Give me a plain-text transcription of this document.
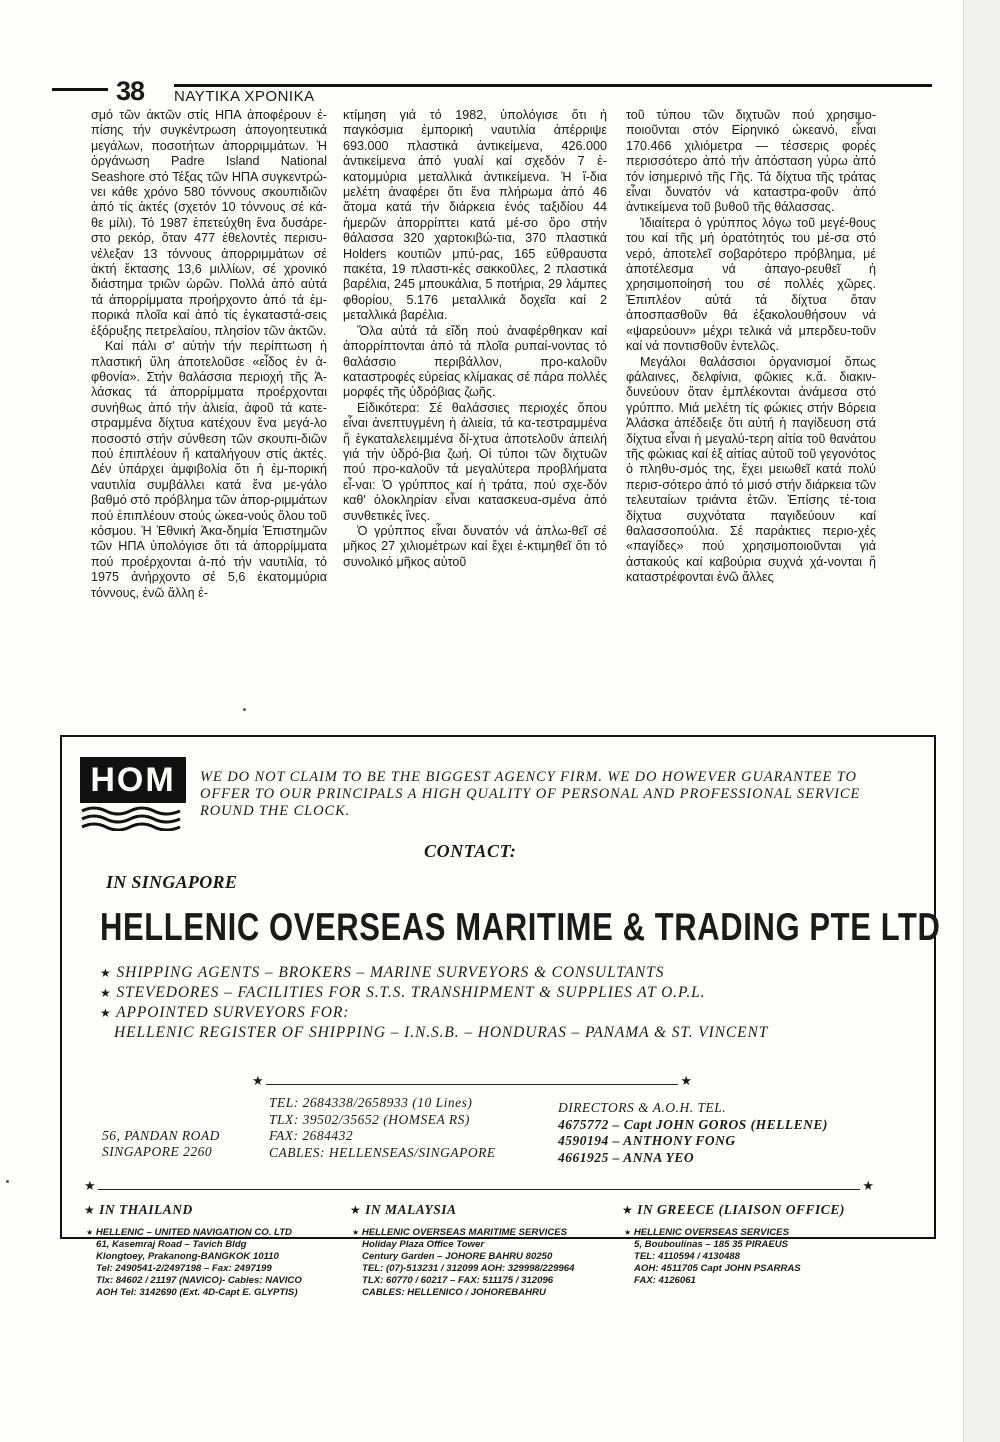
38 ΝΑΥΤΙΚΑ ΧΡΟΝΙΚΑ

σμό τῶν ἀκτῶν στίς ΗΠΑ ἀποφέρουν ἐ-πίσης τήν συγκέντρωση ἀπογοητευτικά μεγάλων, ποσοτήτων ἀπορριμμάτων. Ἡ ὀργάνωση Padre Island National Seashore στό Τέξας τῶν ΗΠΑ συγκεντρώ-νει κάθε χρόνο 580 τόννους σκουπιδιῶν ἀπό τίς ἀκτές (σχετόν 10 τόννους σέ κά-θε μίλι). Τό 1987 ἐπετεύχθη ἕνα δυσάρε-στο ρεκόρ, ὅταν 477 ἐθελοντές περισυ-νέλεξαν 13 τόννους ἀπορριμμάτων σέ ἀκτή ἔκτασης 13,6 μιλλίων, σέ χρονικό διάστημα τριῶν ὡρῶν. Πολλά ἀπό αὐτά τά ἀπορρίμματα προήρχοντο ἀπό τά ἐμ-πορικά πλοῖα καί ἀπό τίς ἐγκαταστά-σεις ἐξόρυξης πετρελαίου, πλησίον τῶν ἀκτῶν.

Καί πάλι σ' αὐτήν τήν περίπτωση ἡ πλαστική ὕλη ἀποτελοῦσε «εἶδος ἐν ἀ-φθονία». Στήν θαλάσσια περιοχή τῆς Ἀ-λάσκας τά ἀπορρίμματα προέρχονται συνήθως ἀπό τήν ἁλιεία, ἀφοῦ τά κατε-στραμμένα δίχτυα κατέχουν ἕνα μεγά-λο ποσοστό στήν σύνθεση τῶν σκουπι-διῶν πού ἐπιπλέουν ἤ καταλήγουν στίς ἀκτές. Δέν ὑπάρχει ἀμφιβολία ὅτι ἡ ἐμ-πορική ναυτιλία συμβάλλει κατά ἕνα με-γάλο βαθμό στό πρόβλημα τῶν ἀπορ-ριμμάτων πού ἐπιπλέουν στούς ὠκεα-νούς ὅλου τοῦ κόσμου. Ἡ Ἐθνική Ἀκα-δημία Ἐπιστημῶν τῶν ΗΠΑ ὑπολόγισε ὅτι τά ἀπορρίμματα πού προέρχονται ἀ-πό τήν ναυτιλία, τό 1975 ἀνήρχοντο σέ 5,6 ἑκατομμύρια τόννους, ἐνῶ ἄλλη ἐ-

κτίμηση γιά τό 1982, ὑπολόγισε ὅτι ἡ παγκόσμια ἐμπορική ναυτιλία ἀπέρριψε 693.000 πλαστικά ἀντικείμενα, 426.000 ἀντικείμενα ἀπό γυαλί καί σχεδόν 7 ἑ-κατομμύρια μεταλλικά ἀντικείμενα. Ἡ ἴ-δια μελέτη ἀναφέρει ὅτι ἕνα πλήρωμα ἀπό 46 ἄτομα κατά τήν διάρκεια ἑνός ταξιδίου 44 ἡμερῶν ἀπορρίπτει κατά μέ-σο ὅρο στήν θάλασσα 320 χαρτοκιβώ-τια, 370 πλαστικά Holders κουτιῶν μπύ-ρας, 165 εὔθραυστα πακέτα, 19 πλαστι-κές σακκοῦλες, 2 πλαστικά βαρέλια, 245 μπουκάλια, 5 ποτήρια, 29 λάμπες φθορίου, 5.176 μεταλλικά δοχεῖα καί 2 μεταλλικά βαρέλια.

Ὅλα αὐτά τά εἴδη πού ἀναφέρθηκαν καί ἀπορρίπτονται ἀπό τά πλοῖα ρυπαί-νοντας τό θαλάσσιο περιβάλλον, προ-καλοῦν καταστροφές εὐρείας κλίμακας σέ πάρα πολλές μορφές τῆς ὑδρόβιας ζωῆς.

Εἰδικότερα: Σέ θαλάσσιες περιοχές ὅπου εἶναι ἀνεπτυγμένη ἡ ἁλιεία, τά κα-τεστραμμένα ἤ ἐγκαταλελειμμένα δί-χτυα ἀποτελοῦν ἀπειλή γιά τήν ὑδρό-βια ζωή. Οἱ τύποι τῶν διχτυῶν πού προ-καλοῦν τά μεγαλύτερα προβλήματα εἶ-ναι: Ὁ γρύππος καί ἡ τράτα, πού σχε-δόν καθ' ὁλοκληρίαν εἶναι κατασκευα-σμένα ἀπό συνθετικές ἴνες.

Ὁ γρύππος εἶναι δυνατόν νά ἁπλω-θεῖ σέ μῆκος 27 χιλιομέτρων καί ἔχει ἐ-κτιμηθεῖ ὅτι τό συνολικό μῆκος αὐτοῦ

τοῦ τύπου τῶν διχτυῶν πού χρησιμο-ποιοῦνται στόν Εἰρηνικό ὠκεανό, εἶναι 170.466 χιλιόμετρα — τέσσερις φορές περισσότερο ἀπό τήν ἀπόσταση γύρω ἀπό τόν ἰσημερινό τῆς Γῆς. Τά δίχτυα τῆς τράτας εἶναι δυνατόν νά καταστρα-φοῦν ἀπό ἀντικείμενα τοῦ βυθοῦ τῆς θάλασσας.

Ἰδιαίτερα ὁ γρύππος λόγω τοῦ μεγέ-θους του καί τῆς μή ὁρατότητός του μέ-σα στό νερό, ἀποτελεῖ σοβαρότερο πρόβλημα, μέ ἀποτέλεσμα νά ἀπαγο-ρευθεῖ ἡ χρησιμοποίησή του σέ πολλές χῶρες. Ἐπιπλέον αὐτά τά δίχτυα ὅταν ἀποσπασθοῦν θά ἐξακολουθήσουν νά «ψαρεύουν» μέχρι τελικά νά μπερδευ-τοῦν καί νά ποντισθοῦν ἐντελῶς.

Μεγάλοι θαλάσσιοι ὀργανισμοί ὅπως φάλαινες, δελφίνια, φῶκιες κ.ἄ. διακιν-δυνεύουν ὅταν ἐμπλέκονται ἀνάμεσα στό γρύππο. Μιά μελέτη τίς φώκιες στήν Βόρεια Ἀλάσκα ἀπέδειξε ὅτι αὐτή ἡ παγίδευση στά δίχτυα εἶναι ἡ μεγαλύ-τερη αἰτία τοῦ θανάτου τῆς φώκιας καί ἐξ αἰτίας αὐτοῦ τοῦ γεγονότος ὁ πληθυ-σμός της, ἔχει μειωθεῖ κατά πολύ περισ-σότερο ἀπό τό μισό στήν διάρκεια τῶν τελευταίων τριάντα ἐτῶν. Ἐπίσης τέ-τοια δίχτυα συχνότατα παγιδεύουν καί θαλασσοπούλια. Σέ παράκτιες περιο-χές «παγίδες» πού χρησιμοποιοῦνται γιά ἀστακούς καί καβούρια συχνά χά-νονται ἤ καταστρέφονται ἐνῶ ἄλλες

HOM	WE DO NOT CLAIM TO BE THE BIGGEST AGENCY FIRM. WE DO HOWEVER GUARANTEE TO OFFER TO OUR PRINCIPALS A HIGH QUALITY OF PERSONAL AND PROFESSIONAL SERVICE ROUND THE CLOCK.
CONTACT:
IN SINGAPORE
HELLENIC OVERSEAS MARITIME & TRADING PTE LTD
★ SHIPPING AGENTS – BROKERS – MARINE SURVEYORS & CONSULTANTS
★ STEVEDORES – FACILITIES FOR S.T.S. TRANSHIPMENT & SUPPLIES AT O.P.L.
★ APPOINTED SURVEYORS FOR:
HELLENIC REGISTER OF SHIPPING – I.N.S.B. – HONDURAS – PANAMA & ST. VINCENT
★	★
TEL: 2684338/2658933 (10 Lines)
TLX: 39502/35652 (HOMSEA RS)
FAX: 2684432
CABLES: HELLENSEAS/SINGAPORE
56, PANDAN ROAD
SINGAPORE 2260
DIRECTORS & A.O.H. TEL.
4675772 – Capt JOHN GOROS (HELLENE)
4590194 – ANTHONY FONG
4661925 – ANNA YEO
★	★
★ IN THAILAND
★ HELLENIC – UNITED NAVIGATION CO. LTD
61, Kasemraj Road – Tavich Bldg
Klongtoey, Prakanong-BANGKOK 10110
Tel: 2490541-2/2497198 – Fax: 2497199
Tlx: 84602 / 21197 (NAVICO)- Cables: NAVICO
AOH Tel: 3142690 (Ext. 4D-Capt E. GLYPTIS)
★ IN MALAYSIA
★ HELLENIC OVERSEAS MARITIME SERVICES
Holiday Plaza Office Tower
Century Garden – JOHORE BAHRU 80250
TEL: (07)-513231 / 312099 AOH: 329998/229964
TLX: 60770 / 60217 – FAX: 511175 / 312096
CABLES: HELLENICO / JOHOREBAHRU
★ IN GREECE (LIAISON OFFICE)
★ HELLENIC OVERSEAS SERVICES
5, Bouboulinas – 185 35 PIRAEUS
TEL: 4110594 / 4130488
AOH: 4511705 Capt JOHN PSARRAS
FAX: 4126061
